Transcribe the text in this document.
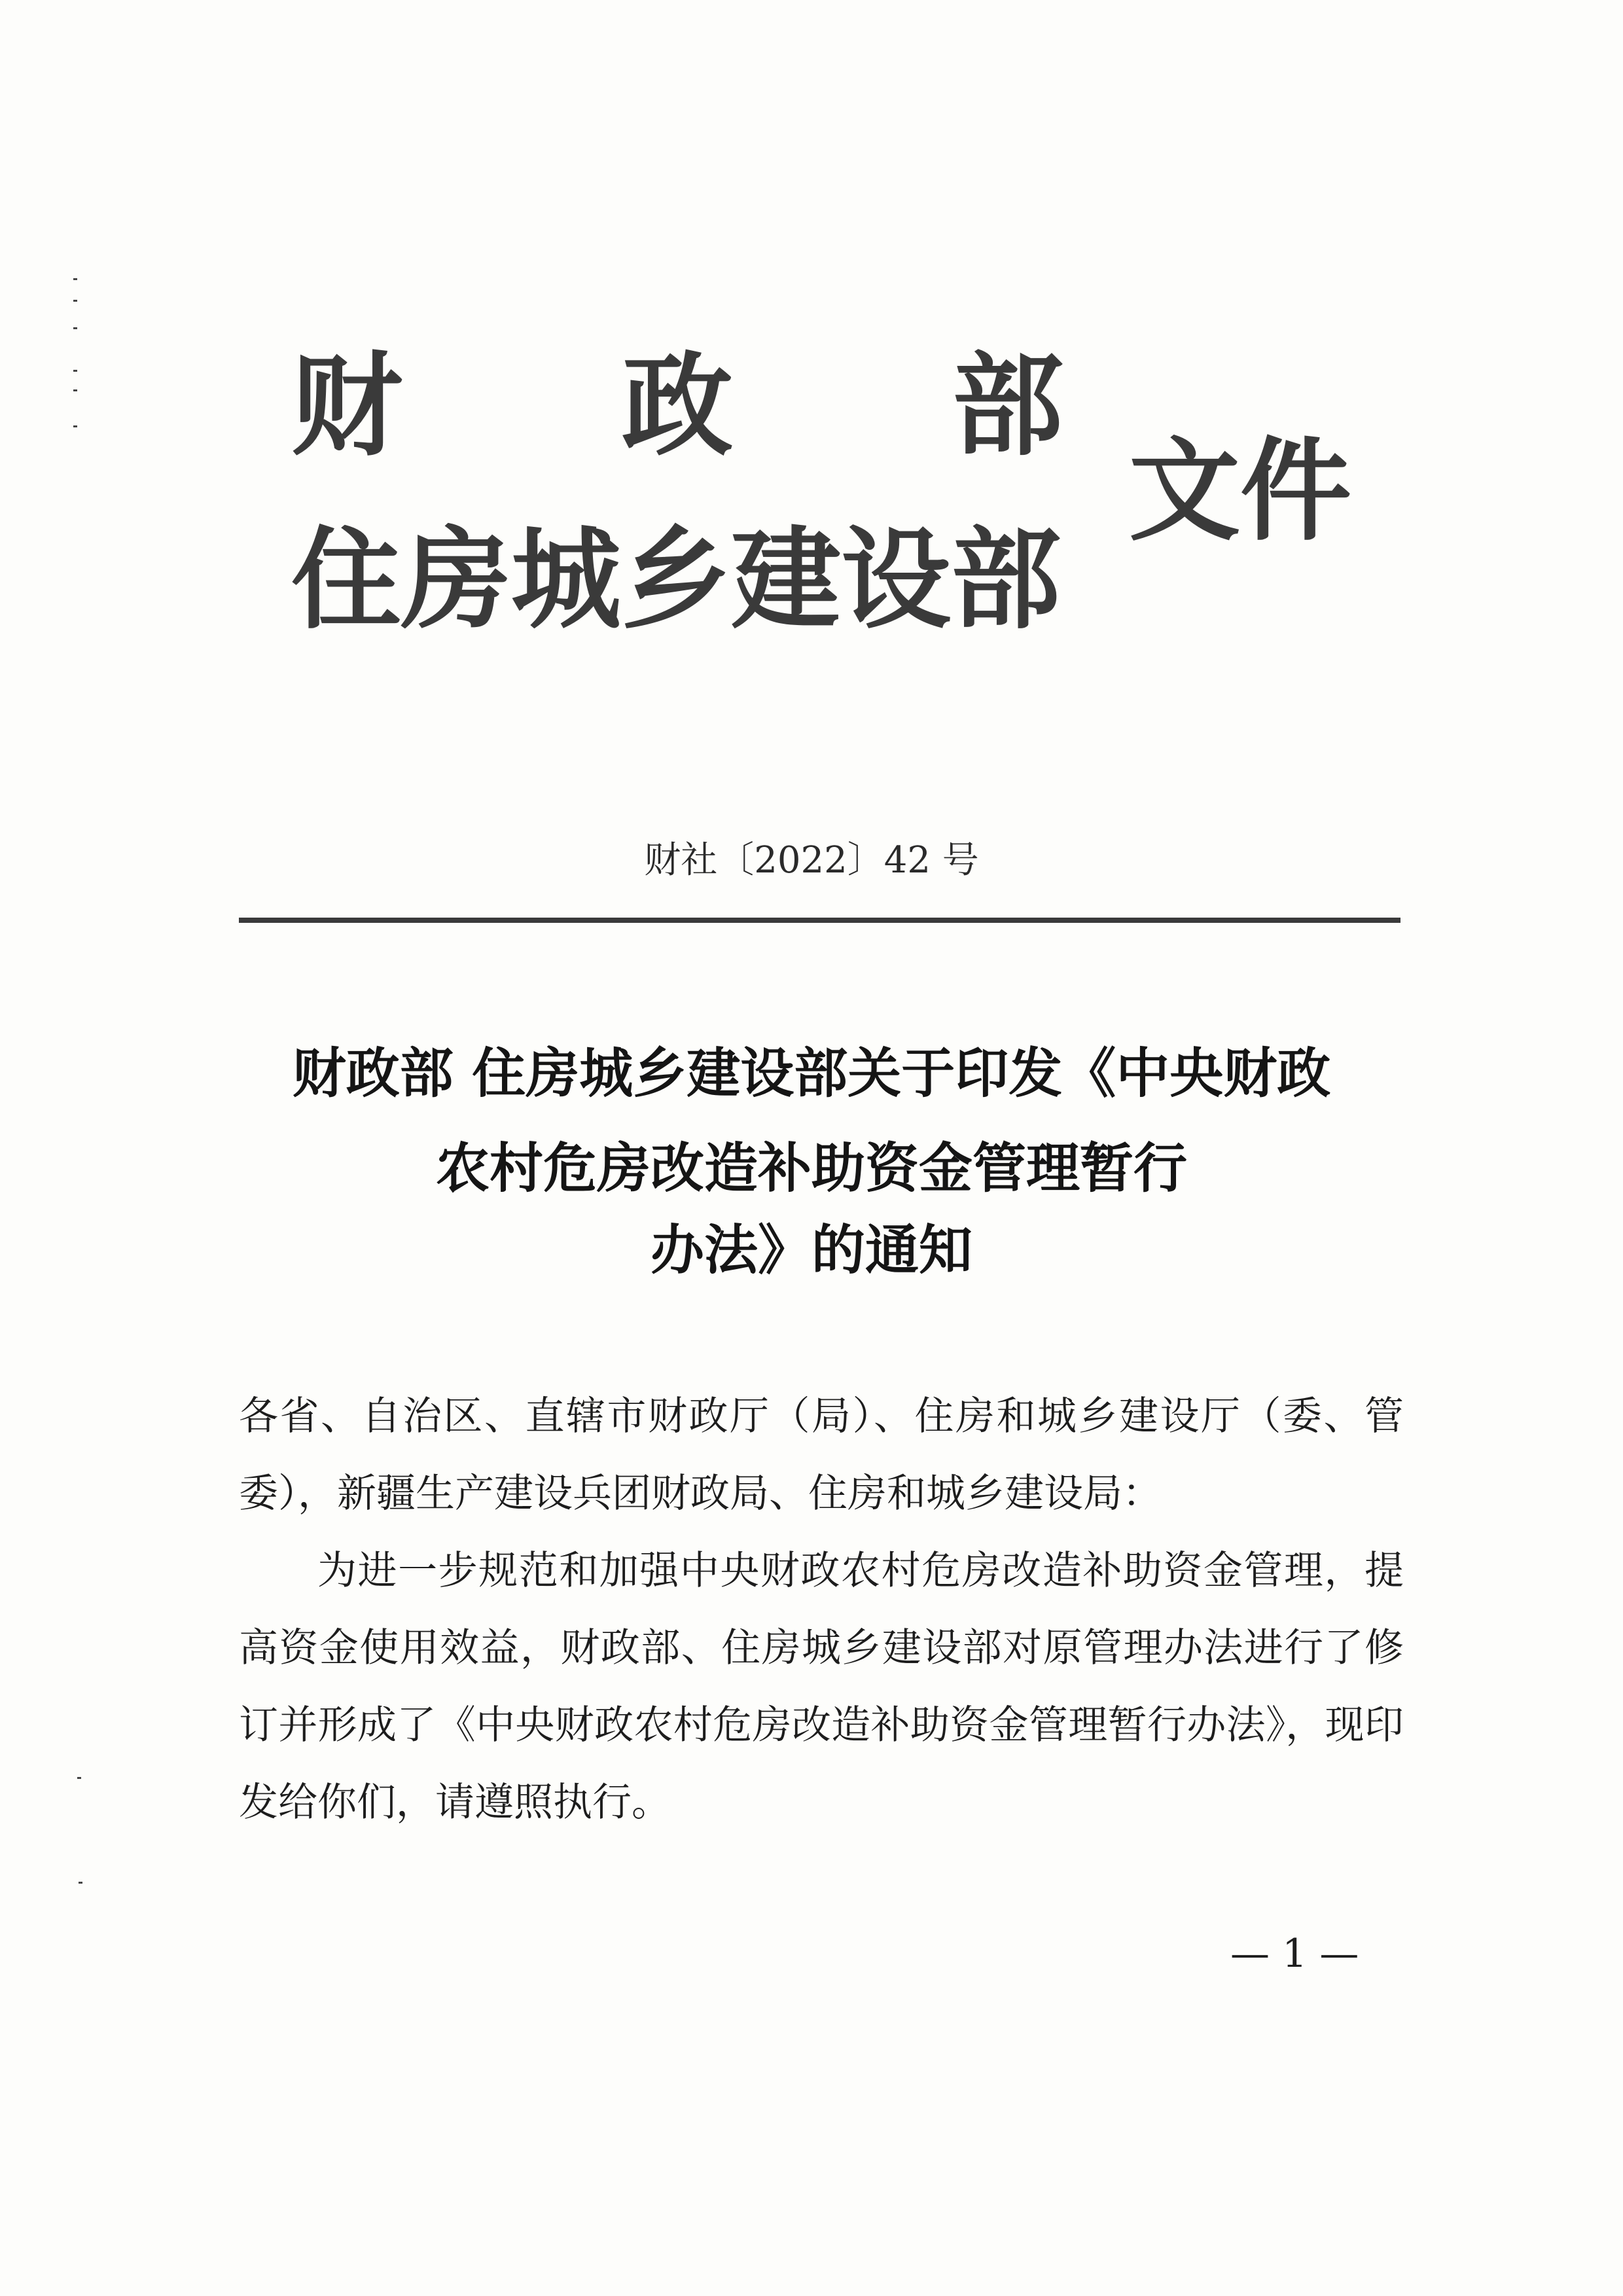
财 政 部
住房城乡建设部
文件
财社〔2022〕42 号
财政部 住房城乡建设部关于印发《中央财政
农村危房改造补助资金管理暂行
办法》的通知

各省、自治区、直辖市财政厅（局）、住房和城乡建设厅（委、管委），新疆生产建设兵团财政局、住房和城乡建设局：

为进一步规范和加强中央财政农村危房改造补助资金管理，提高资金使用效益，财政部、住房城乡建设部对原管理办法进行了修订并形成了《中央财政农村危房改造补助资金管理暂行办法》，现印发给你们，请遵照执行。

— 1 —
